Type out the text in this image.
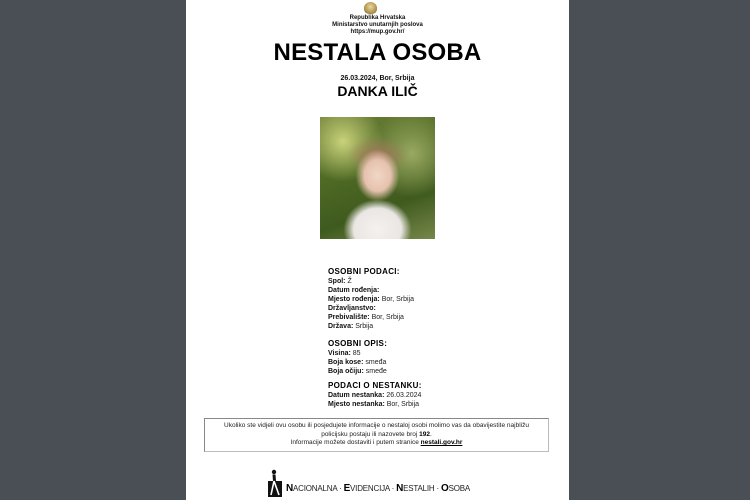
Republika Hrvatska
Ministarstvo unutarnjih poslova
https://mup.gov.hr/
NESTALA OSOBA
26.03.2024, Bor, Srbija
DANKA ILIČ
OSOBNI PODACI:
Spol: Ž
Datum rođenja:
Mjesto rođenja: Bor, Srbija
Državljanstvo:
Prebivalište: Bor, Srbija
Država: Srbija
OSOBNI OPIS:
Visina: 85
Boja kose: smeđa
Boja očiju: smeđe
PODACI O NESTANKU:
Datum nestanka: 26.03.2024
Mjesto nestanka: Bor, Srbija
Ukoliko ste vidjeli ovu osobu ili posjedujete informacije o nestaloj osobi molimo vas da obavijestite najbližu
policijsku postaju ili nazovete broj 192.
Informacije možete dostaviti i putem stranice nestali.gov.hr
NACIONALNA · EVIDENCIJA · NESTALIH · OSOBA
